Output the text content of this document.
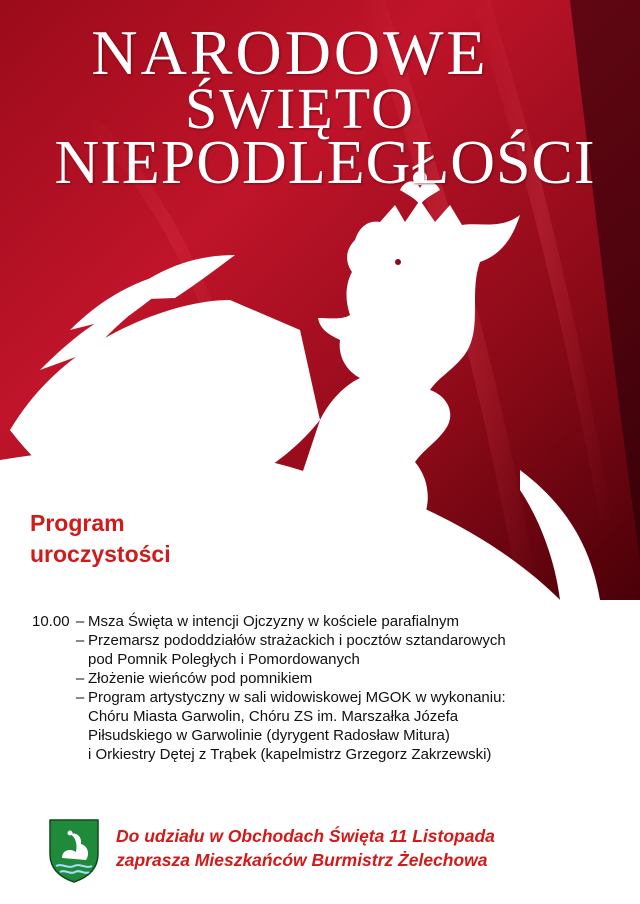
NARODOWE
ŚWIĘTO
NIEPODLEGŁOŚCI
Program
uroczystości
10.00 – Msza Święta w intencji Ojczyzny w kościele parafialnym
– Przemarsz pododdziałów strażackich i pocztów sztandarowych
pod Pomnik Poległych i Pomordowanych
– Złożenie wieńców pod pomnikiem
– Program artystyczny w sali widowiskowej MGOK w wykonaniu:
Chóru Miasta Garwolin, Chóru ZS im. Marszałka Józefa
Piłsudskiego w Garwolinie (dyrygent Radosław Mitura)
i Orkiestry Dętej z Trąbek (kapelmistrz Grzegorz Zakrzewski)
Do udziału w Obchodach Święta 11 Listopada
zaprasza Mieszkańców Burmistrz Żelechowa
